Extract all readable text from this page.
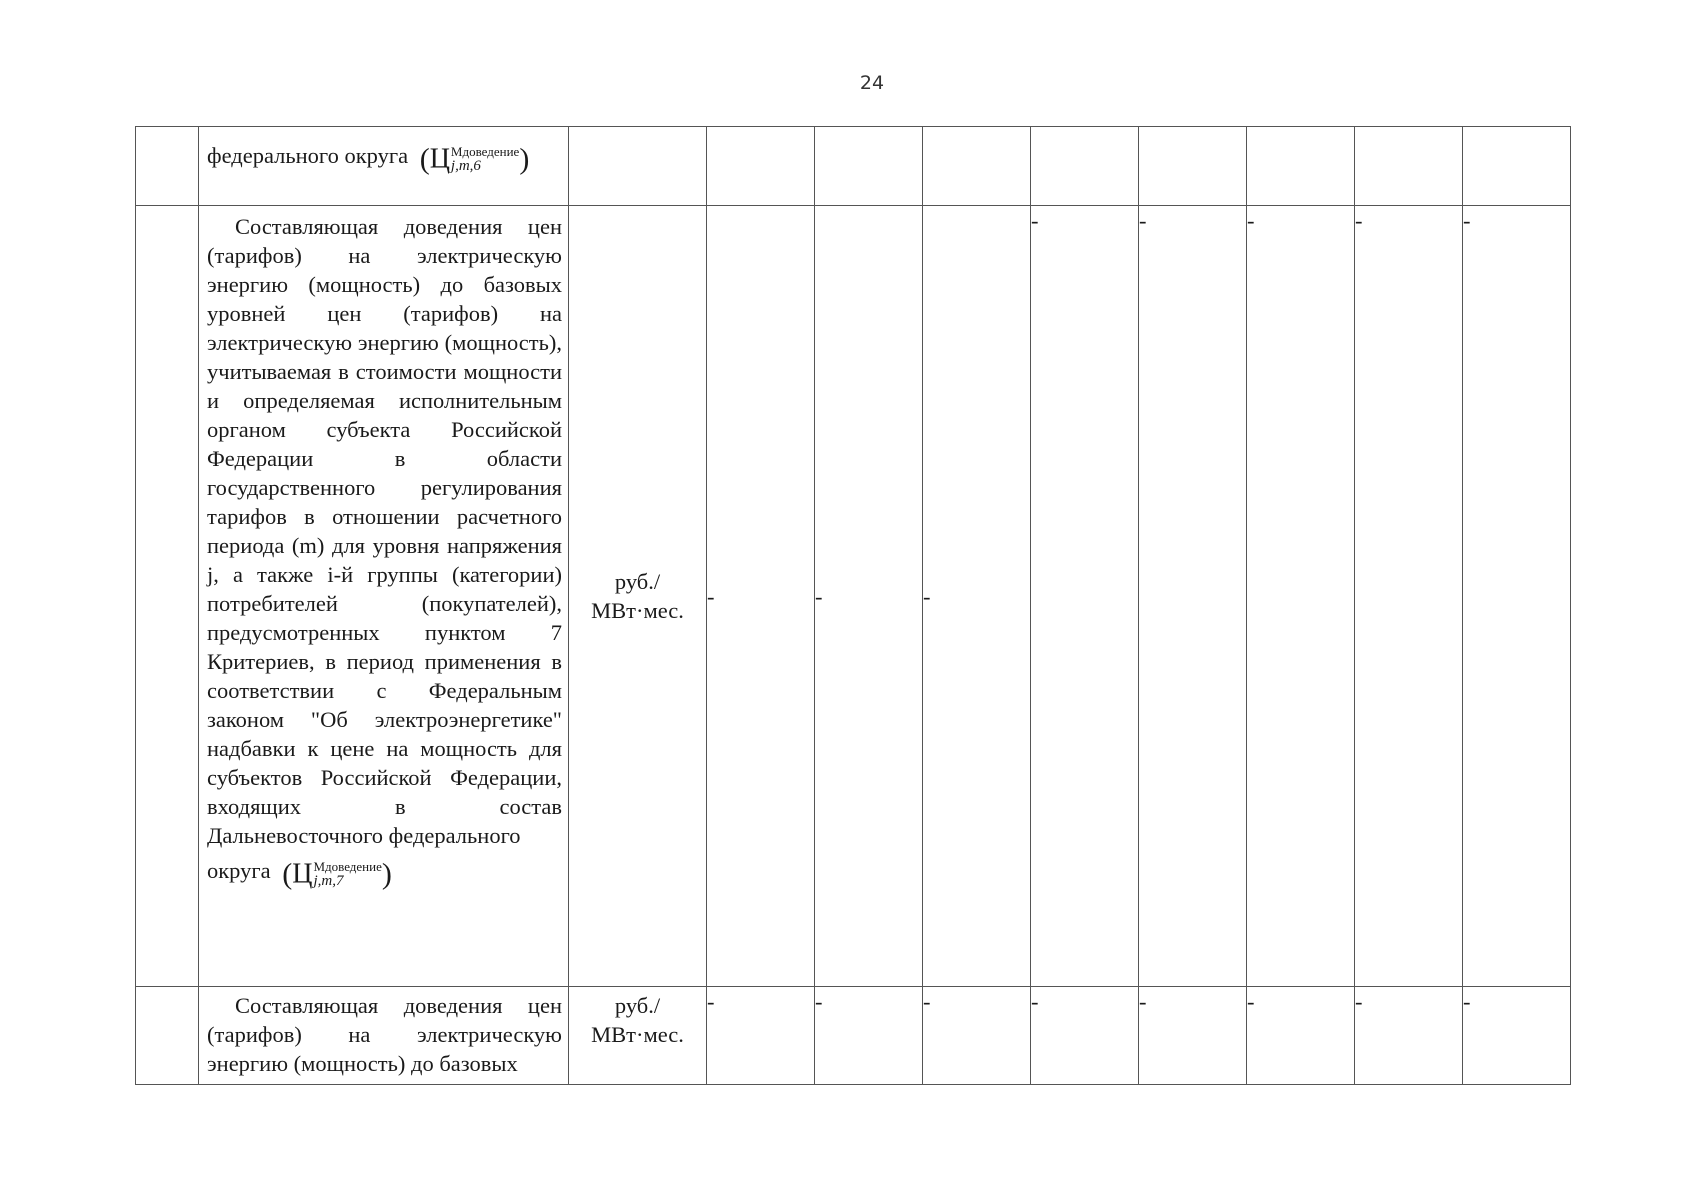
24

	федерального округа (Ц Мдоведение
j,m,6 )									

	Составляющая доведения цен (тарифов) на электрическую энергию (мощность) до базовых уровней цен (тарифов) на электрическую энергию (мощность), учитываемая в стоимости мощности и определяемая исполнительным органом субъекта Российской Федерации в области государственного регулирования тарифов в отношении расчетного периода (m) для уровня напряжения j, а также i-й группы (категории) потребителей (покупателей), предусмотренных пунктом 7 Критериев, в период применения в соответствии с Федеральным законом "Об электроэнергетике" надбавки к цене на мощность для субъектов Российской Федерации, входящих в состав Дальневосточного федерального
округа (Ц Мдоведение
j,m,7 )	руб./ МВт·мес.	-	-	-	-	-	-	-	-

	Составляющая доведения цен (тарифов) на электрическую энергию (мощность) до базовых	руб./ МВт·мес.	-	-	-	-	-	-	-	-
